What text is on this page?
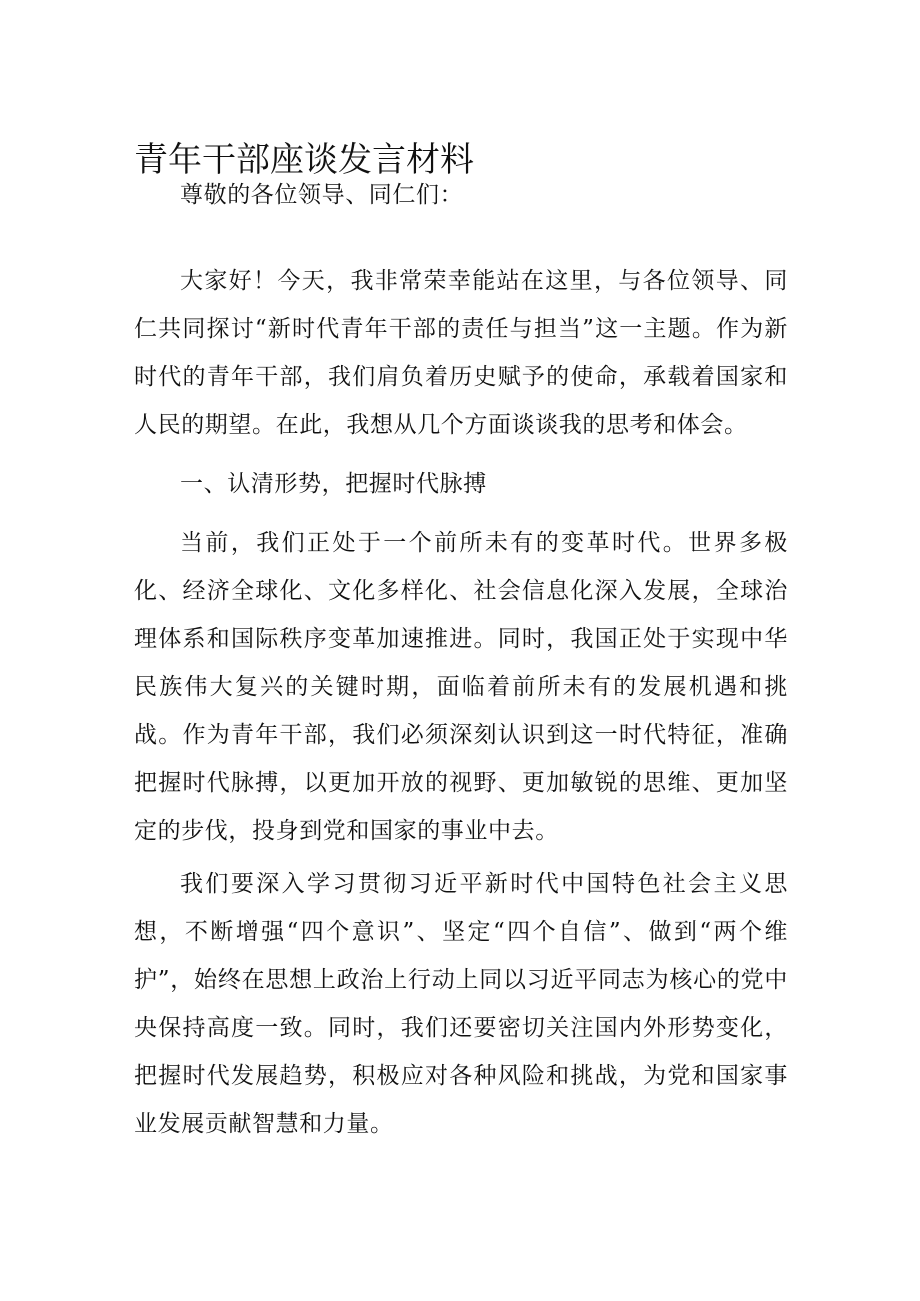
青年干部座谈发言材料

尊敬的各位领导、同仁们：

大家好！今天，我非常荣幸能站在这里，与各位领导、同仁共同探讨“新时代青年干部的责任与担当”这一主题。作为新时代的青年干部，我们肩负着历史赋予的使命，承载着国家和人民的期望。在此，我想从几个方面谈谈我的思考和体会。

一、认清形势，把握时代脉搏

当前，我们正处于一个前所未有的变革时代。世界多极化、经济全球化、文化多样化、社会信息化深入发展，全球治理体系和国际秩序变革加速推进。同时，我国正处于实现中华民族伟大复兴的关键时期，面临着前所未有的发展机遇和挑战。作为青年干部，我们必须深刻认识到这一时代特征，准确把握时代脉搏，以更加开放的视野、更加敏锐的思维、更加坚定的步伐，投身到党和国家的事业中去。

我们要深入学习贯彻习近平新时代中国特色社会主义思想，不断增强“四个意识”、坚定“四个自信”、做到“两个维护”，始终在思想上政治上行动上同以习近平同志为核心的党中央保持高度一致。同时，我们还要密切关注国内外形势变化，把握时代发展趋势，积极应对各种风险和挑战，为党和国家事业发展贡献智慧和力量。
